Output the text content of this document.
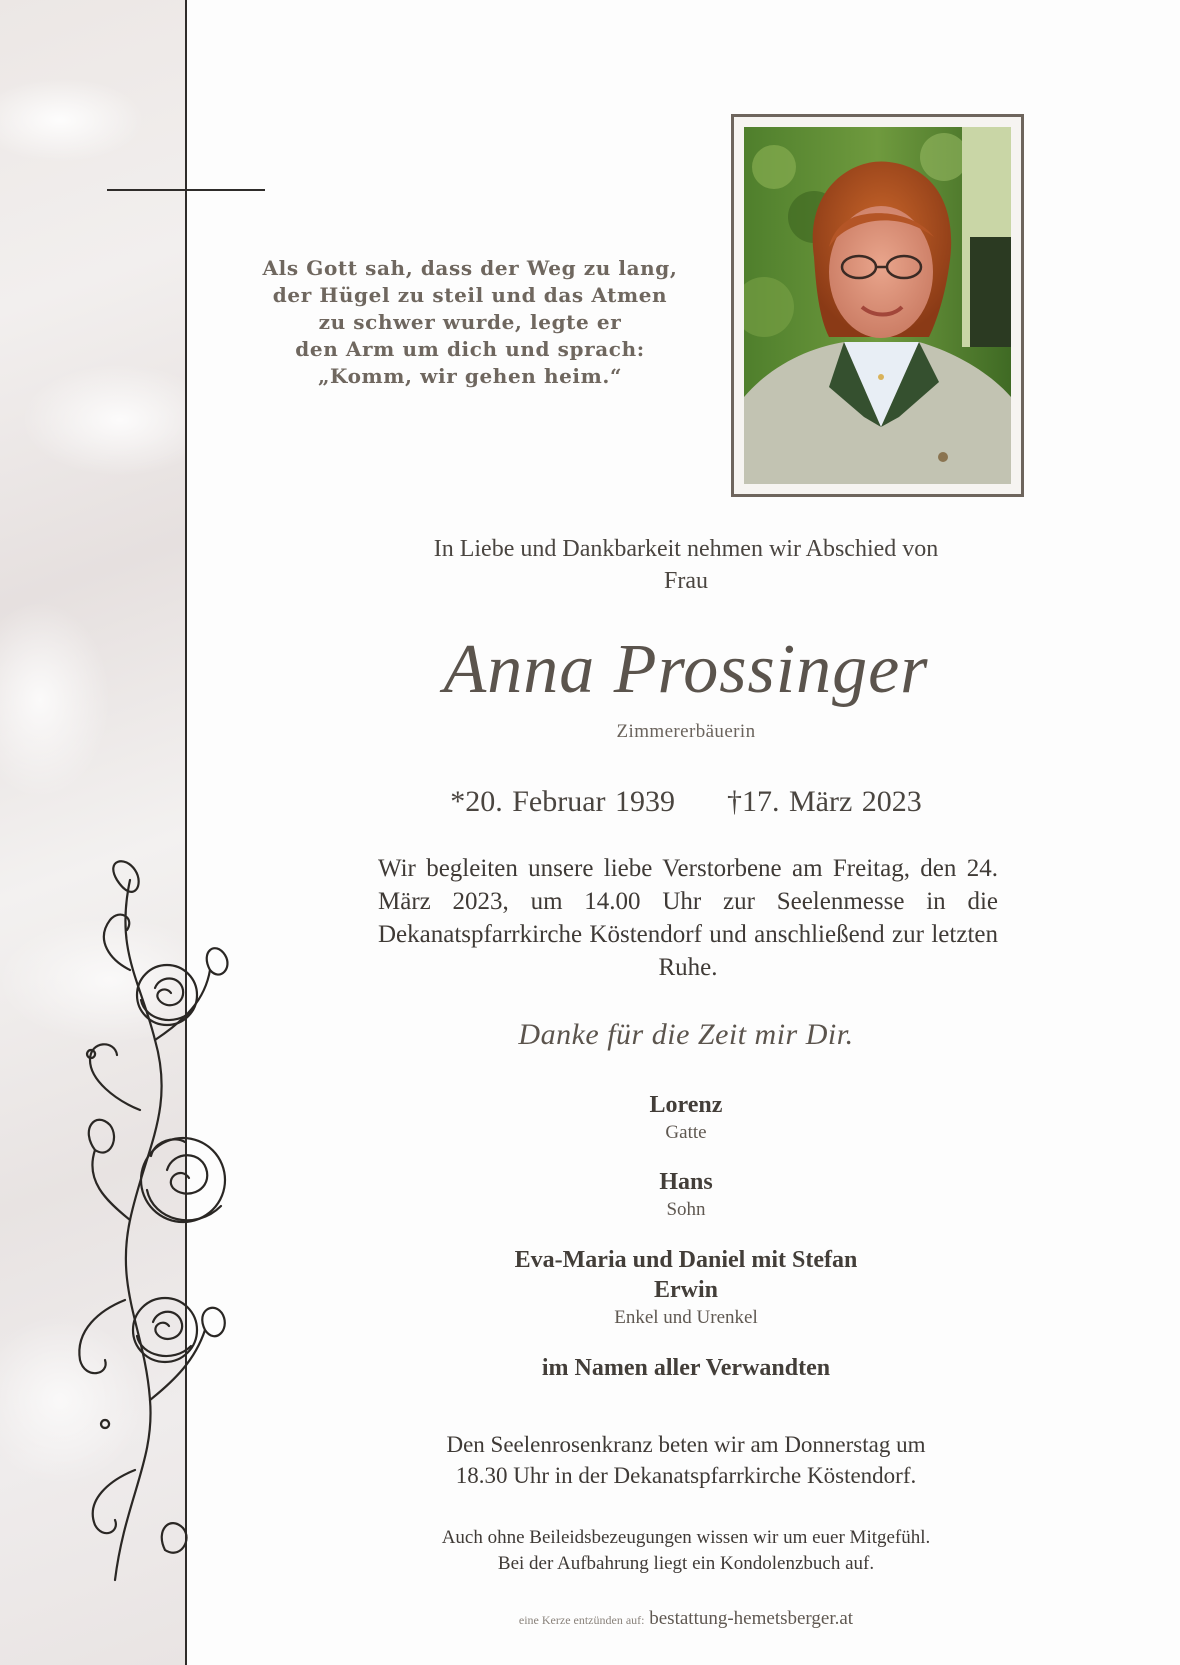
Als Gott sah, dass der Weg zu lang,
der Hügel zu steil und das Atmen
zu schwer wurde, legte er
den Arm um dich und sprach:
„Komm, wir gehen heim.“
In Liebe und Dankbarkeit nehmen wir Abschied von
Frau
Anna Prossinger
Zimmererbäuerin
*20. Februar 1939 †17. März 2023
Wir begleiten unsere liebe Verstorbene am Freitag, den 24. März 2023, um 14.00 Uhr zur Seelenmesse in die Dekanatspfarrkirche Köstendorf und anschließend zur letzten Ruhe.
Danke für die Zeit mir Dir.
Lorenz
Gatte
Hans
Sohn
Eva-Maria und Daniel mit Stefan
Erwin
Enkel und Urenkel
im Namen aller Verwandten
Den Seelenrosenkranz beten wir am Donnerstag um
18.30 Uhr in der Dekanatspfarrkirche Köstendorf.
Auch ohne Beileidsbezeugungen wissen wir um euer Mitgefühl.
Bei der Aufbahrung liegt ein Kondolenzbuch auf.
eine Kerze entzünden auf: bestattung-hemetsberger.at
